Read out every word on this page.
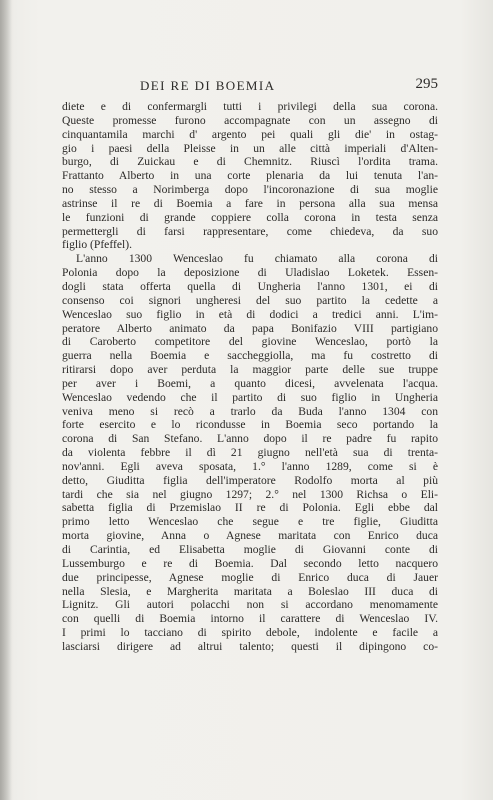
DEI RE DI BOEMIA	295
diete e di confermargli tutti i privilegi della sua corona.
Queste promesse furono accompagnate con un assegno di
cinquantamila marchi d' argento pei quali gli die' in ostag-
gio i paesi della Pleisse in un alle città imperiali d'Alten-
burgo, di Zuickau e di Chemnitz. Riuscì l'ordita trama.
Frattanto Alberto in una corte plenaria da lui tenuta l'an-
no stesso a Norimberga dopo l'incoronazione di sua moglie
astrinse il re di Boemia a fare in persona alla sua mensa
le funzioni di grande coppiere colla corona in testa senza
permettergli di farsi rappresentare, come chiedeva, da suo
figlio (Pfeffel).
L'anno 1300 Wenceslao fu chiamato alla corona di
Polonia dopo la deposizione di Uladislao Loketek. Essen-
dogli stata offerta quella di Ungheria l'anno 1301, ei di
consenso coi signori ungheresi del suo partito la cedette a
Wenceslao suo figlio in età di dodici a tredici anni. L'im-
peratore Alberto animato da papa Bonifazio VIII partigiano
di Caroberto competitore del giovine Wenceslao, portò la
guerra nella Boemia e saccheggiolla, ma fu costretto di
ritirarsi dopo aver perduta la maggior parte delle sue truppe
per aver i Boemi, a quanto dicesi, avvelenata l'acqua.
Wenceslao vedendo che il partito di suo figlio in Ungheria
veniva meno si recò a trarlo da Buda l'anno 1304 con
forte esercito e lo ricondusse in Boemia seco portando la
corona di San Stefano. L'anno dopo il re padre fu rapito
da violenta febbre il dì 21 giugno nell'età sua di trenta-
nov'anni. Egli aveva sposata, 1.° l'anno 1289, come si è
detto, Giuditta figlia dell'imperatore Rodolfo morta al più
tardi che sia nel giugno 1297; 2.° nel 1300 Richsa o Eli-
sabetta figlia di Przemislao II re di Polonia. Egli ebbe dal
primo letto Wenceslao che segue e tre figlie, Giuditta
morta giovine, Anna o Agnese maritata con Enrico duca
di Carintia, ed Elisabetta moglie di Giovanni conte di
Lussemburgo e re di Boemia. Dal secondo letto nacquero
due principesse, Agnese moglie di Enrico duca di Jauer
nella Slesia, e Margherita maritata a Boleslao III duca di
Lignitz. Gli autori polacchi non si accordano menomamente
con quelli di Boemia intorno il carattere di Wenceslao IV.
I primi lo tacciano di spirito debole, indolente e facile a
lasciarsi dirigere ad altrui talento; questi il dipingono co-
